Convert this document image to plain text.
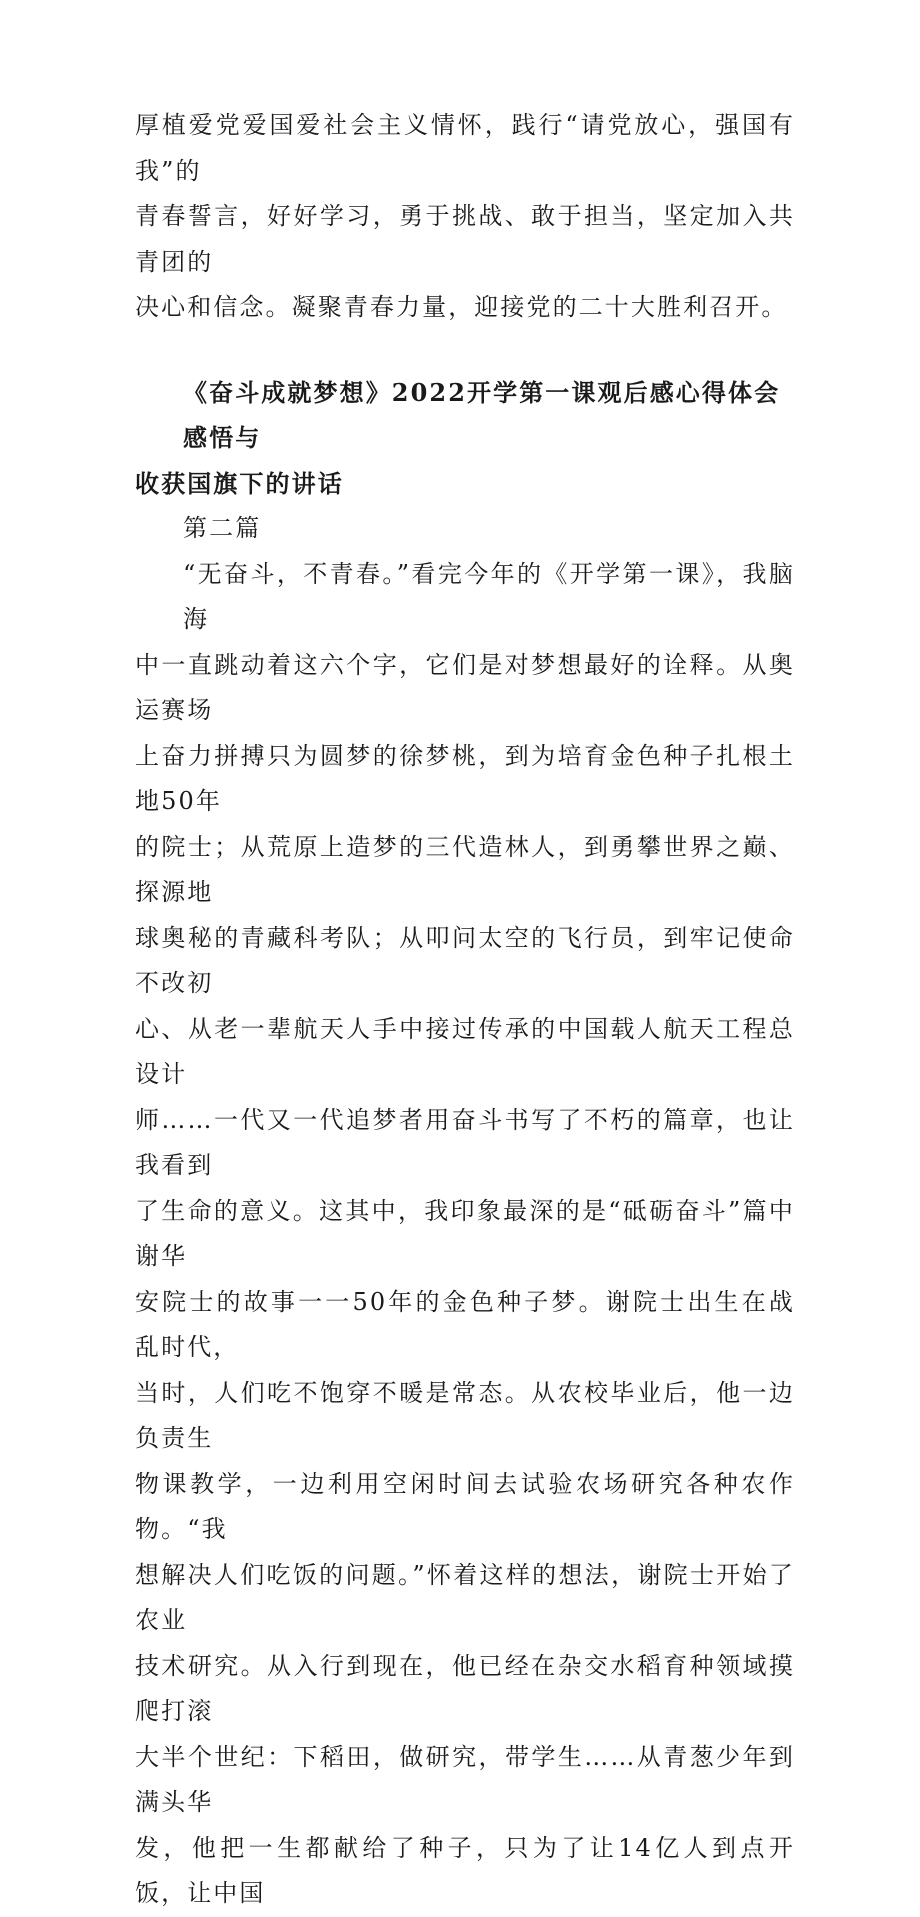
厚植爱党爱国爱社会主义情怀，践行“请党放心，强国有我”的
青春誓言，好好学习，勇于挑战、敢于担当，坚定加入共青团的
决心和信念。凝聚青春力量，迎接党的二十大胜利召开。

《奋斗成就梦想》2022开学第一课观后感心得体会感悟与
收获国旗下的讲话

第二篇

“无奋斗，不青春。”看完今年的《开学第一课》，我脑海
中一直跳动着这六个字，它们是对梦想最好的诠释。从奥运赛场
上奋力拼搏只为圆梦的徐梦桃，到为培育金色种子扎根土地50年
的院士；从荒原上造梦的三代造林人，到勇攀世界之巅、探源地
球奥秘的青藏科考队；从叩问太空的飞行员，到牢记使命不改初
心、从老一辈航天人手中接过传承的中国载人航天工程总设计
师……一代又一代追梦者用奋斗书写了不朽的篇章，也让我看到
了生命的意义。这其中，我印象最深的是“砥砺奋斗”篇中谢华
安院士的故事一一50年的金色种子梦。谢院士出生在战乱时代，
当时，人们吃不饱穿不暖是常态。从农校毕业后，他一边负责生
物课教学，一边利用空闲时间去试验农场研究各种农作物。“我
想解决人们吃饭的问题。”怀着这样的想法，谢院士开始了农业
技术研究。从入行到现在，他已经在杂交水稻育种领域摸爬打滚
大半个世纪：下稻田，做研究，带学生……从青葱少年到满头华
发，他把一生都献给了种子，只为了让14亿人到点开饭，让中国
